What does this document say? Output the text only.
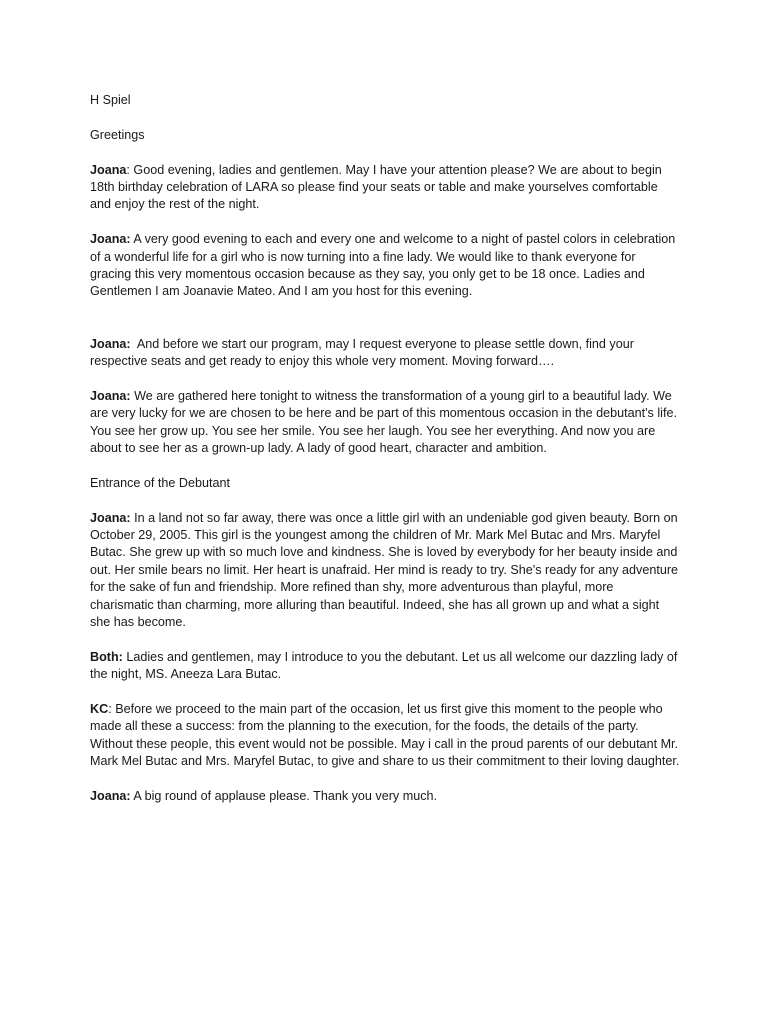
H Spiel

Greetings

Joana: Good evening, ladies and gentlemen. May I have your attention please? We are about to begin 18th birthday celebration of LARA so please find your seats or table and make yourselves comfortable and enjoy the rest of the night.

Joana: A very good evening to each and every one and welcome to a night of pastel colors in celebration of a wonderful life for a girl who is now turning into a fine lady. We would like to thank everyone for gracing this very momentous occasion because as they say, you only get to be 18 once. Ladies and Gentlemen I am Joanavie Mateo. And I am you host for this evening.

Joana: And before we start our program, may I request everyone to please settle down, find your respective seats and get ready to enjoy this whole very moment. Moving forward….

Joana: We are gathered here tonight to witness the transformation of a young girl to a beautiful lady. We are very lucky for we are chosen to be here and be part of this momentous occasion in the debutant's life. You see her grow up. You see her smile. You see her laugh. You see her everything. And now you are about to see her as a grown-up lady. A lady of good heart, character and ambition.

Entrance of the Debutant

Joana: In a land not so far away, there was once a little girl with an undeniable god given beauty. Born on October 29, 2005. This girl is the youngest among the children of Mr. Mark Mel Butac and Mrs. Maryfel Butac. She grew up with so much love and kindness. She is loved by everybody for her beauty inside and out. Her smile bears no limit. Her heart is unafraid. Her mind is ready to try. She's ready for any adventure for the sake of fun and friendship. More refined than shy, more adventurous than playful, more charismatic than charming, more alluring than beautiful. Indeed, she has all grown up and what a sight she has become.

Both: Ladies and gentlemen, may I introduce to you the debutant. Let us all welcome our dazzling lady of the night, MS. Aneeza Lara Butac.

KC: Before we proceed to the main part of the occasion, let us first give this moment to the people who made all these a success: from the planning to the execution, for the foods, the details of the party. Without these people, this event would not be possible. May i call in the proud parents of our debutant Mr. Mark Mel Butac and Mrs. Maryfel Butac, to give and share to us their commitment to their loving daughter.

Joana: A big round of applause please. Thank you very much.
